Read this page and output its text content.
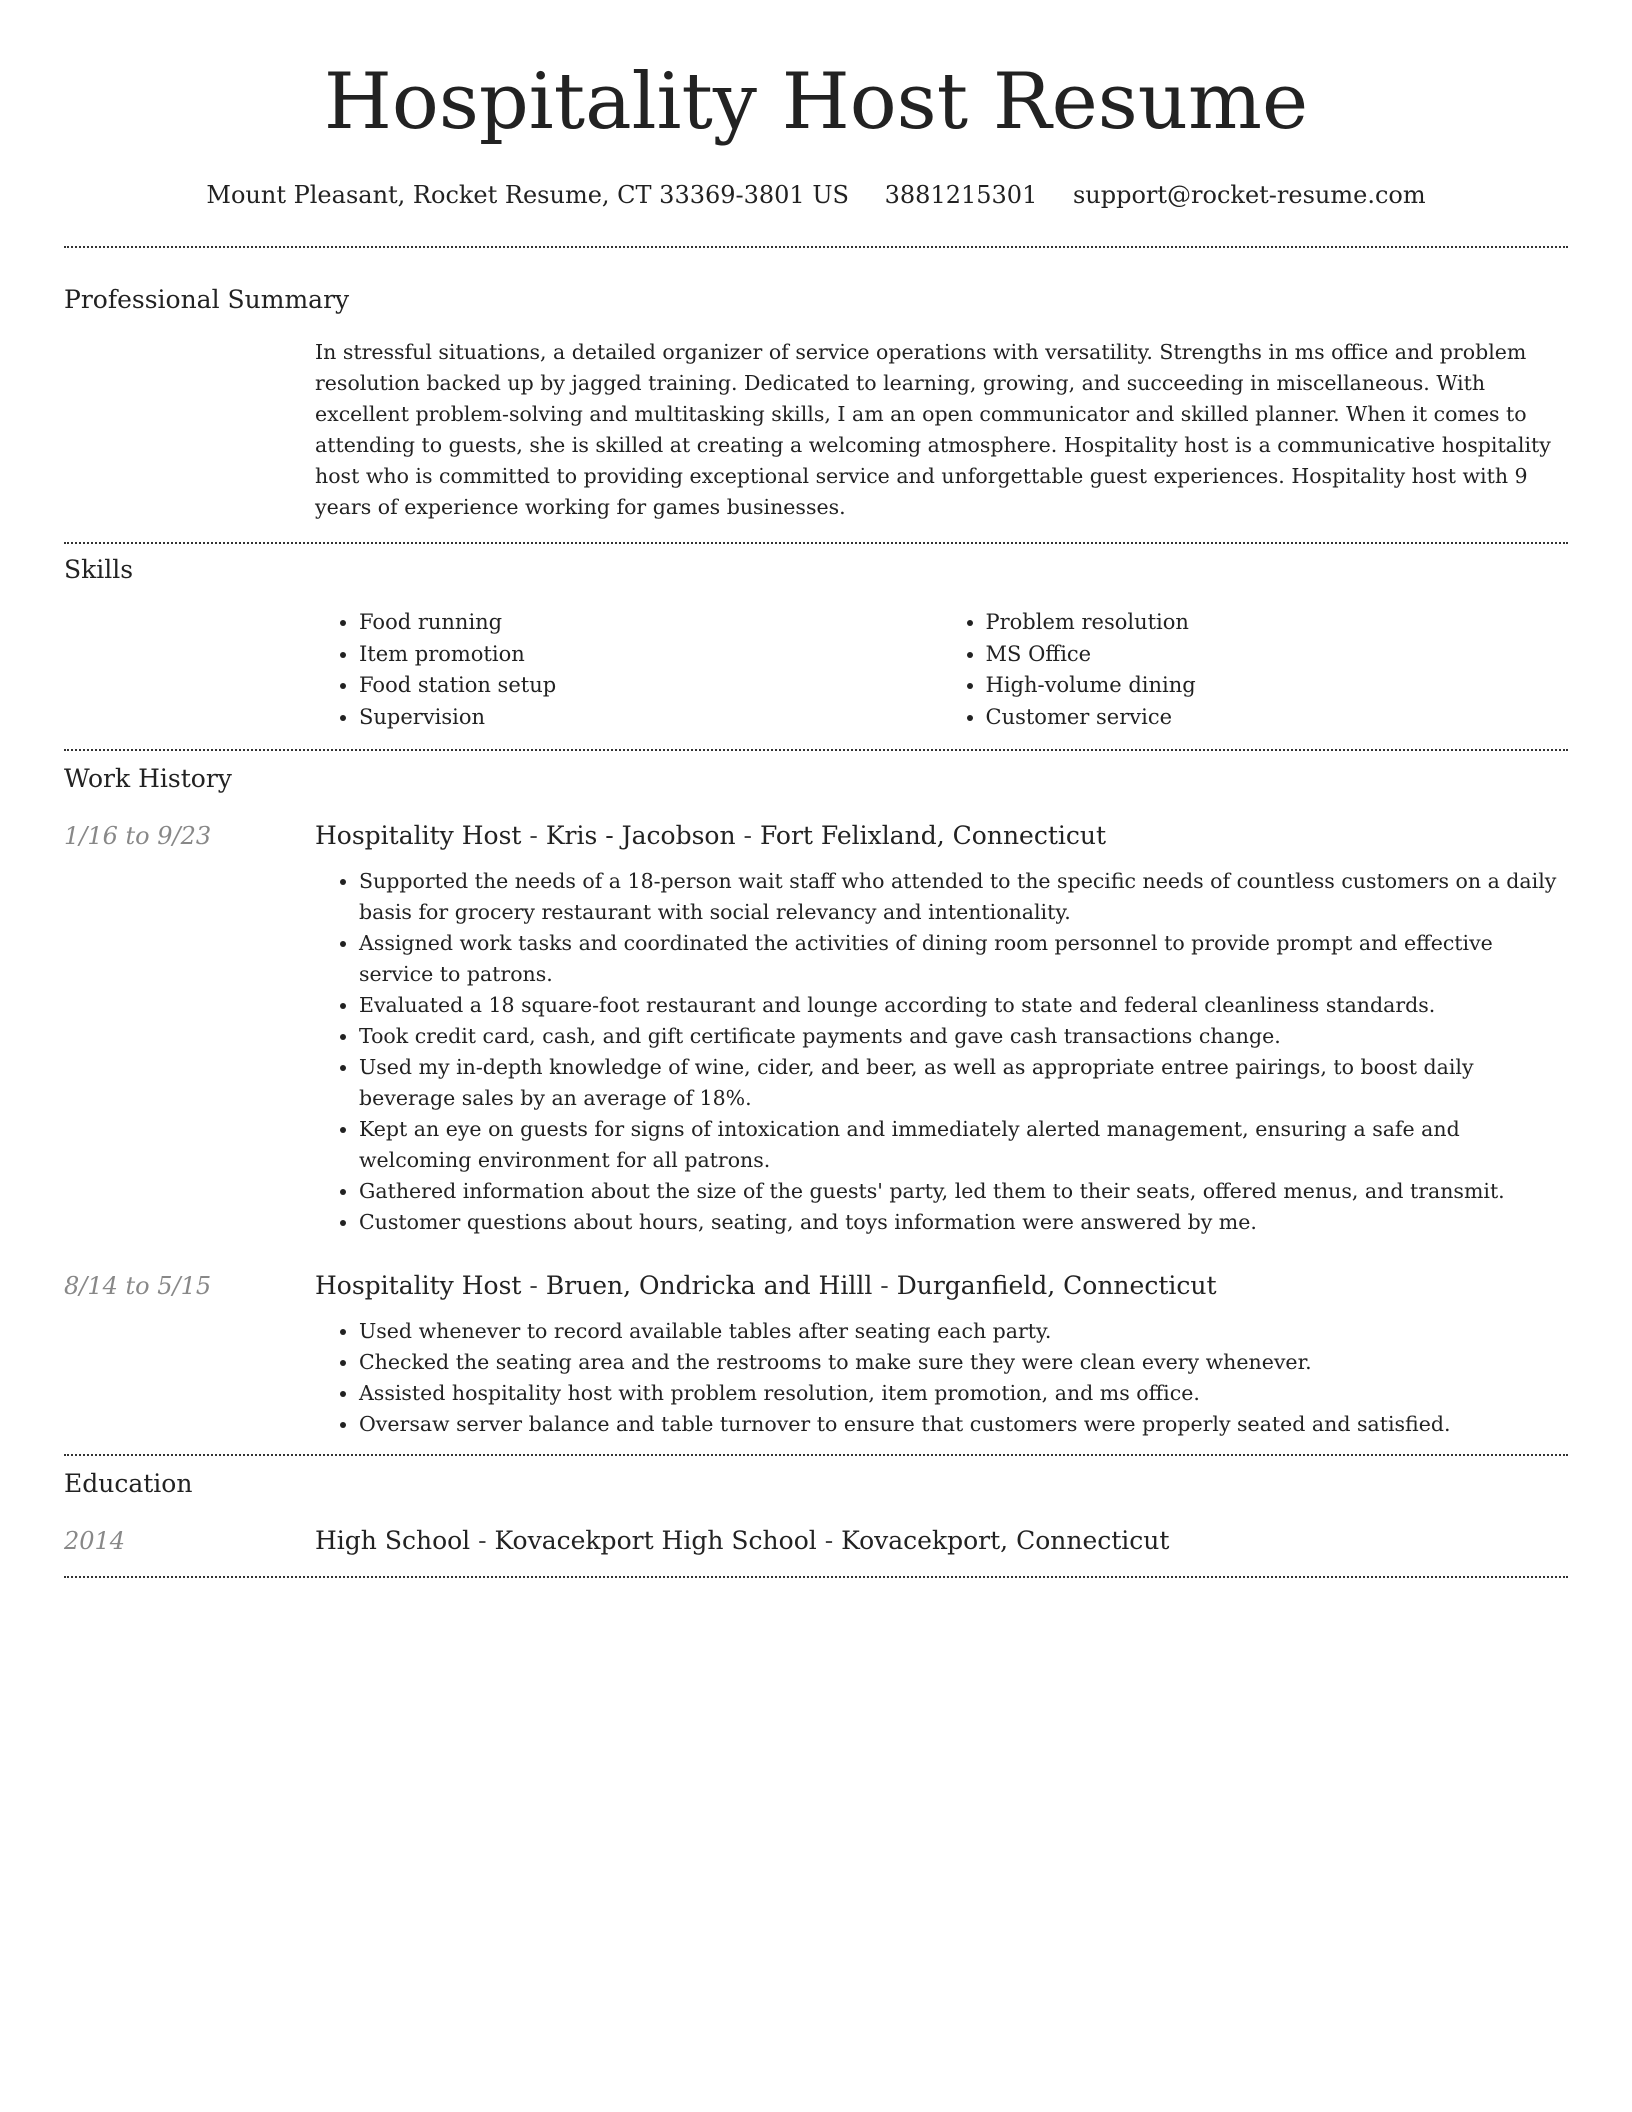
Hospitality Host Resume
Mount Pleasant, Rocket Resume, CT 33369-3801 US 3881215301 support@rocket-resume.com
Professional Summary

In stressful situations, a detailed organizer of service operations with versatility. Strengths in ms office and problem resolution backed up by jagged training. Dedicated to learning, growing, and succeeding in miscellaneous. With excellent problem-solving and multitasking skills, I am an open communicator and skilled planner. When it comes to attending to guests, she is skilled at creating a welcoming atmosphere. Hospitality host is a communicative hospitality host who is committed to providing exceptional service and unforgettable guest experiences. Hospitality host with 9 years of experience working for games businesses.

Skills
• Food running
• Item promotion
• Food station setup
• Supervision
• Problem resolution
• MS Office
• High-volume dining
• Customer service
Work History
1/16 to 9/23	Hospitality Host - Kris - Jacobson - Fort Felixland, Connecticut
• Supported the needs of a 18-person wait staff who attended to the specific needs of countless customers on a daily basis for grocery restaurant with social relevancy and intentionality.
• Assigned work tasks and coordinated the activities of dining room personnel to provide prompt and effective service to patrons.
• Evaluated a 18 square-foot restaurant and lounge according to state and federal cleanliness standards.
• Took credit card, cash, and gift certificate payments and gave cash transactions change.
• Used my in-depth knowledge of wine, cider, and beer, as well as appropriate entree pairings, to boost daily beverage sales by an average of 18%.
• Kept an eye on guests for signs of intoxication and immediately alerted management, ensuring a safe and welcoming environment for all patrons.
• Gathered information about the size of the guests' party, led them to their seats, offered menus, and transmit.
• Customer questions about hours, seating, and toys information were answered by me.
8/14 to 5/15	Hospitality Host - Bruen, Ondricka and Hilll - Durganfield, Connecticut
• Used whenever to record available tables after seating each party.
• Checked the seating area and the restrooms to make sure they were clean every whenever.
• Assisted hospitality host with problem resolution, item promotion, and ms office.
• Oversaw server balance and table turnover to ensure that customers were properly seated and satisfied.
Education
2014	High School - Kovacekport High School - Kovacekport, Connecticut
